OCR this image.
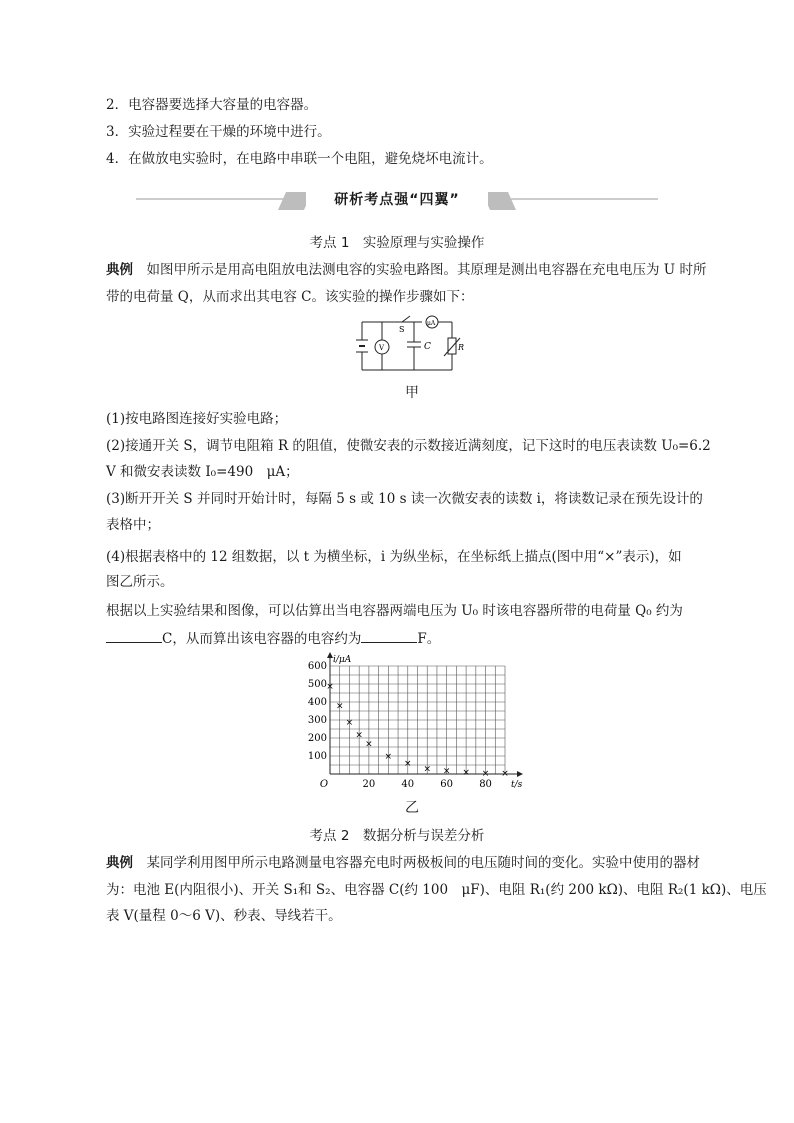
2．电容器要选择大容量的电容器。
3．实验过程要在干燥的环境中进行。
4．在做放电实验时，在电路中串联一个电阻，避免烧坏电流计。
研析考点强“四翼”
考点 1　实验原理与实验操作
典例　如图甲所示是用高电阻放电法测电容的实验电路图。其原理是测出电容器在充电电压为 U 时所
带的电荷量 Q，从而求出其电容 C。该实验的操作步骤如下：
S
μA
V	C	R
甲
(1)按电路图连接好实验电路；
(2)接通开关 S，调节电阻箱 R 的阻值，使微安表的示数接近满刻度，记下这时的电压表读数 U₀=6.2
V 和微安表读数 I₀=490　μA；
(3)断开开关 S 并同时开始计时，每隔 5 s 或 10 s 读一次微安表的读数 i，将读数记录在预先设计的
表格中；
(4)根据表格中的 12 组数据，以 t 为横坐标，i 为纵坐标，在坐标纸上描点(图中用“×”表示)，如
图乙所示。
根据以上实验结果和图像，可以估算出当电容器两端电压为 U₀ 时该电容器所带的电荷量 Q₀ 约为
C，从而算出该电容器的电容约为	F。
20	40	60	80
100
200
300
400
500
600
O	t/s
i/μA
×
×
×
×
×
×
×
× × × × ×
乙
考点 2　数据分析与误差分析
典例　某同学利用图甲所示电路测量电容器充电时两极板间的电压随时间的变化。实验中使用的器材
为：电池 E(内阻很小)、开关 S₁和 S₂、电容器 C(约 100　μF)、电阻 R₁(约 200 kΩ)、电阻 R₂(1 kΩ)、电压
表 V(量程 0～6 V)、秒表、导线若干。
